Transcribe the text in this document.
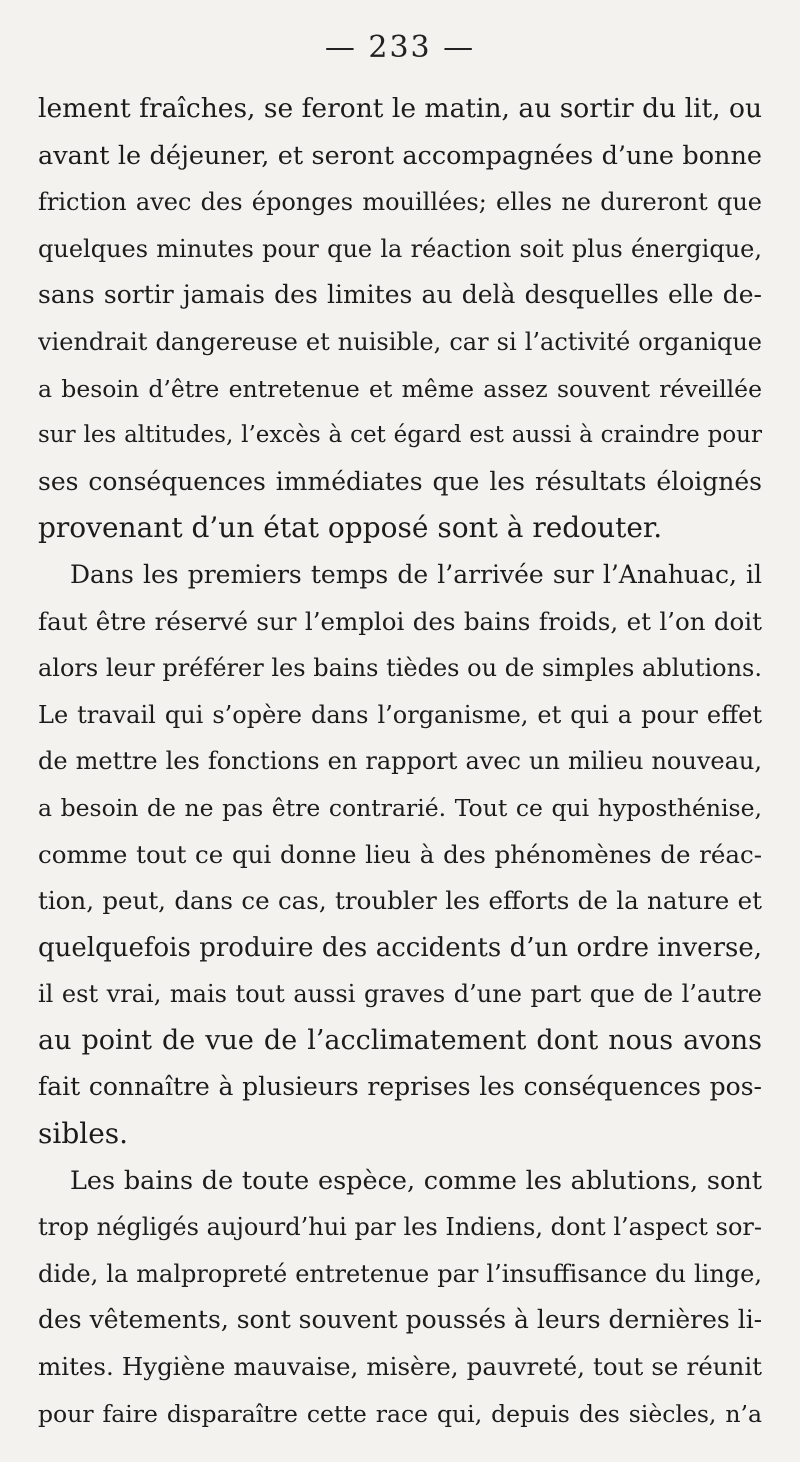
— 233 —
lement fraîches, se feront le matin, au sortir du lit, ou
avant le déjeuner, et seront accompagnées d’une bonne
friction avec des éponges mouillées; elles ne dureront que
quelques minutes pour que la réaction soit plus énergique,
sans sortir jamais des limites au delà desquelles elle de-
viendrait dangereuse et nuisible, car si l’activité organique
a besoin d’être entretenue et même assez souvent réveillée
sur les altitudes, l’excès à cet égard est aussi à craindre pour
ses conséquences immédiates que les résultats éloignés
provenant d’un état opposé sont à redouter.
Dans les premiers temps de l’arrivée sur l’Anahuac, il
faut être réservé sur l’emploi des bains froids, et l’on doit
alors leur préférer les bains tièdes ou de simples ablutions.
Le travail qui s’opère dans l’organisme, et qui a pour effet
de mettre les fonctions en rapport avec un milieu nouveau,
a besoin de ne pas être contrarié. Tout ce qui hyposthénise,
comme tout ce qui donne lieu à des phénomènes de réac-
tion, peut, dans ce cas, troubler les efforts de la nature et
quelquefois produire des accidents d’un ordre inverse,
il est vrai, mais tout aussi graves d’une part que de l’autre
au point de vue de l’acclimatement dont nous avons
fait connaître à plusieurs reprises les conséquences pos-
sibles.
Les bains de toute espèce, comme les ablutions, sont
trop négligés aujourd’hui par les Indiens, dont l’aspect sor-
dide, la malpropreté entretenue par l’insuffisance du linge,
des vêtements, sont souvent poussés à leurs dernières li-
mites. Hygiène mauvaise, misère, pauvreté, tout se réunit
pour faire disparaître cette race qui, depuis des siècles, n’a
